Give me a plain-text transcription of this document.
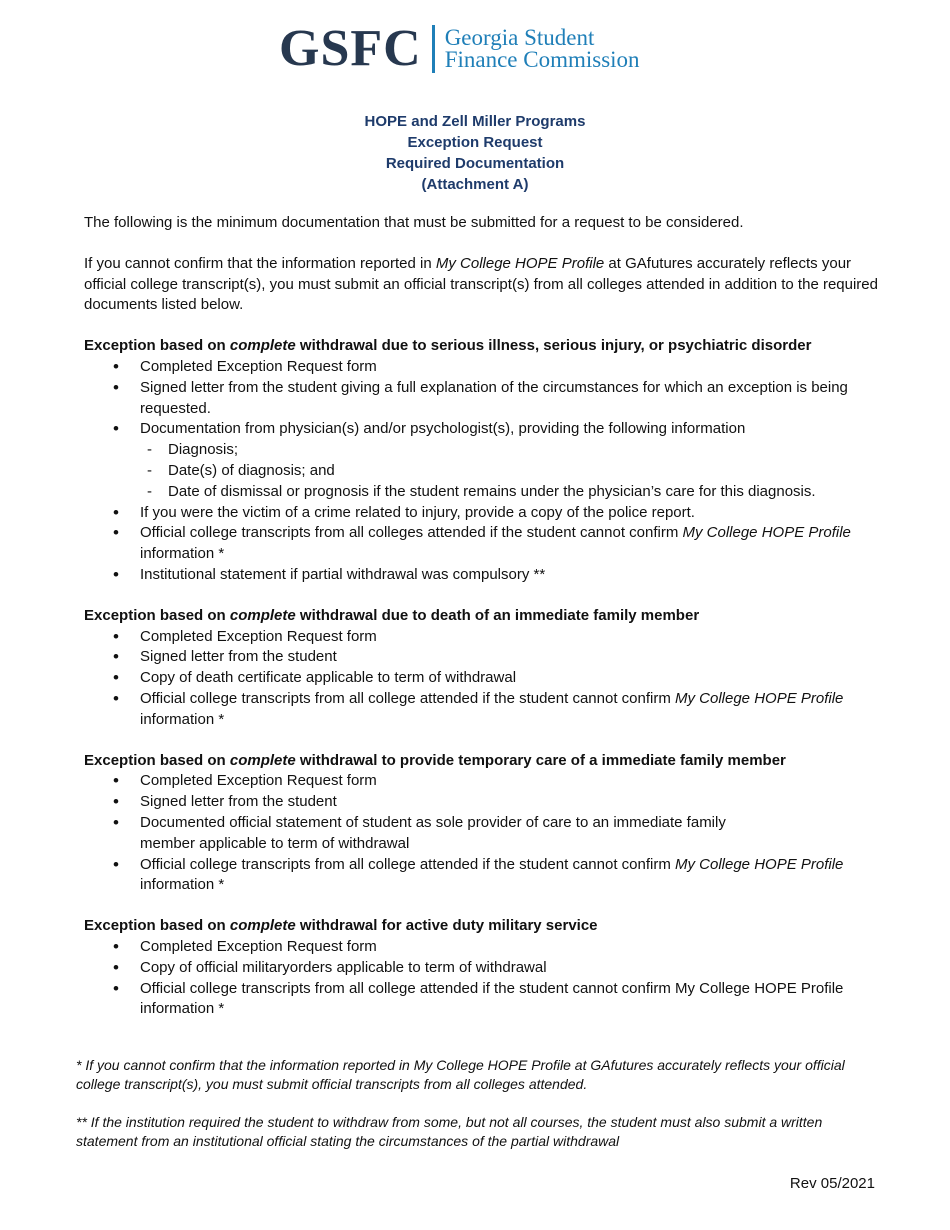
GSFC Georgia Student
Finance Commission
HOPE and Zell Miller Programs
Exception Request
Required Documentation
(Attachment A)

The following is the minimum documentation that must be submitted for a request to be considered.

If you cannot confirm that the information reported in My College HOPE Profile at GAfutures accurately reflects your official college transcript(s), you must submit an official transcript(s) from all colleges attended in addition to the required documents listed below.

Exception based on complete withdrawal due to serious illness, serious injury, or psychiatric disorder

• Completed Exception Request form
• Signed letter from the student giving a full explanation of the circumstances for which an exception is being requested.
• Documentation from physician(s) and/or psychologist(s), providing the following information
- Diagnosis;
- Date(s) of diagnosis; and
- Date of dismissal or prognosis if the student remains under the physician’s care for this diagnosis.
• If you were the victim of a crime related to injury, provide a copy of the police report.
• Official college transcripts from all colleges attended if the student cannot confirm My College HOPE Profile information *
• Institutional statement if partial withdrawal was compulsory **

Exception based on complete withdrawal due to death of an immediate family member

• Completed Exception Request form
• Signed letter from the student
• Copy of death certificate applicable to term of withdrawal
• Official college transcripts from all college attended if the student cannot confirm My College HOPE Profile information *

Exception based on complete withdrawal to provide temporary care of a immediate family member

• Completed Exception Request form
• Signed letter from the student
• Documented official statement of student as sole provider of care to an immediate family member applicable to term of withdrawal
• Official college transcripts from all college attended if the student cannot confirm My College HOPE Profile information *

Exception based on complete withdrawal for active duty military service

• Completed Exception Request form
• Copy of official militaryorders applicable to term of withdrawal
• Official college transcripts from all college attended if the student cannot confirm My College HOPE Profile information *

* If you cannot confirm that the information reported in My College HOPE Profile at GAfutures accurately reflects your official college transcript(s), you must submit official transcripts from all colleges attended.

** If the institution required the student to withdraw from some, but not all courses, the student must also submit a written statement from an institutional official stating the circumstances of the partial withdrawal

Rev 05/2021
